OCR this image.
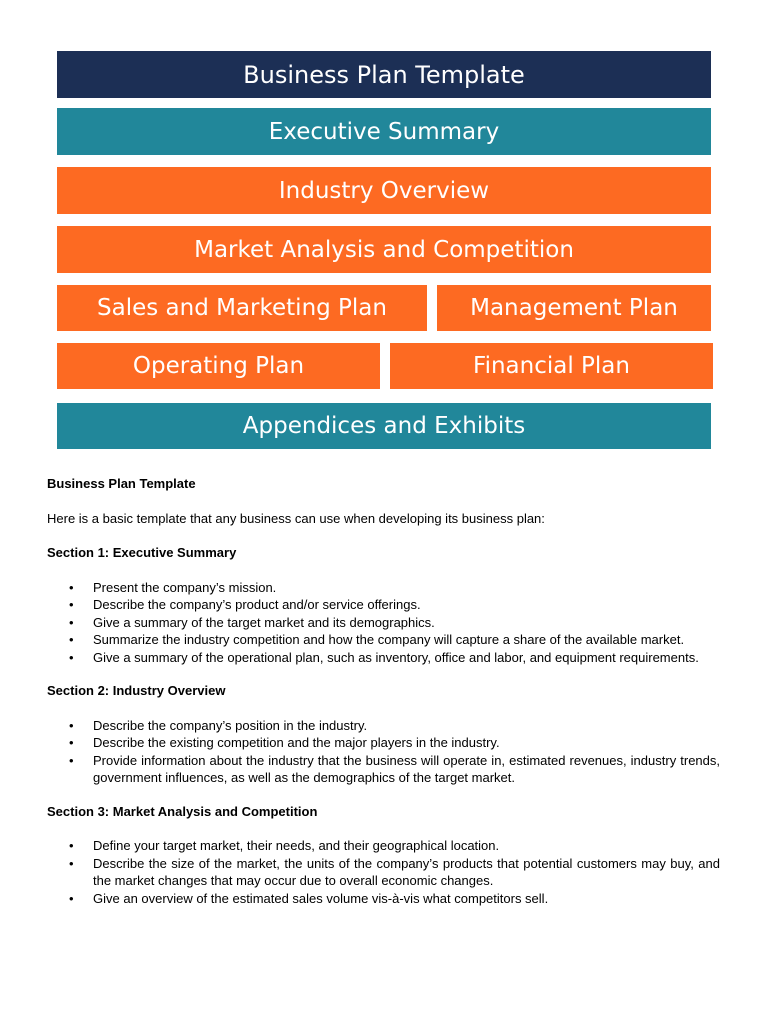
Business Plan Template
Executive Summary
Industry Overview
Market Analysis and Competition
Sales and Marketing Plan	Management Plan
Operating Plan	Financial Plan
Appendices and Exhibits
Business Plan Template
Here is a basic template that any business can use when developing its business plan:
Section 1: Executive Summary
• Present the company’s mission.
• Describe the company’s product and/or service offerings.
• Give a summary of the target market and its demographics.
• Summarize the industry competition and how the company will capture a share of the available market.
• Give a summary of the operational plan, such as inventory, office and labor, and equipment requirements.
Section 2: Industry Overview
• Describe the company’s position in the industry.
• Describe the existing competition and the major players in the industry.
• Provide information about the industry that the business will operate in, estimated revenues, industry trends, government influences, as well as the demographics of the target market.
Section 3: Market Analysis and Competition
• Define your target market, their needs, and their geographical location.
• Describe the size of the market, the units of the company’s products that potential customers may buy, and the market changes that may occur due to overall economic changes.
• Give an overview of the estimated sales volume vis-à-vis what competitors sell.
